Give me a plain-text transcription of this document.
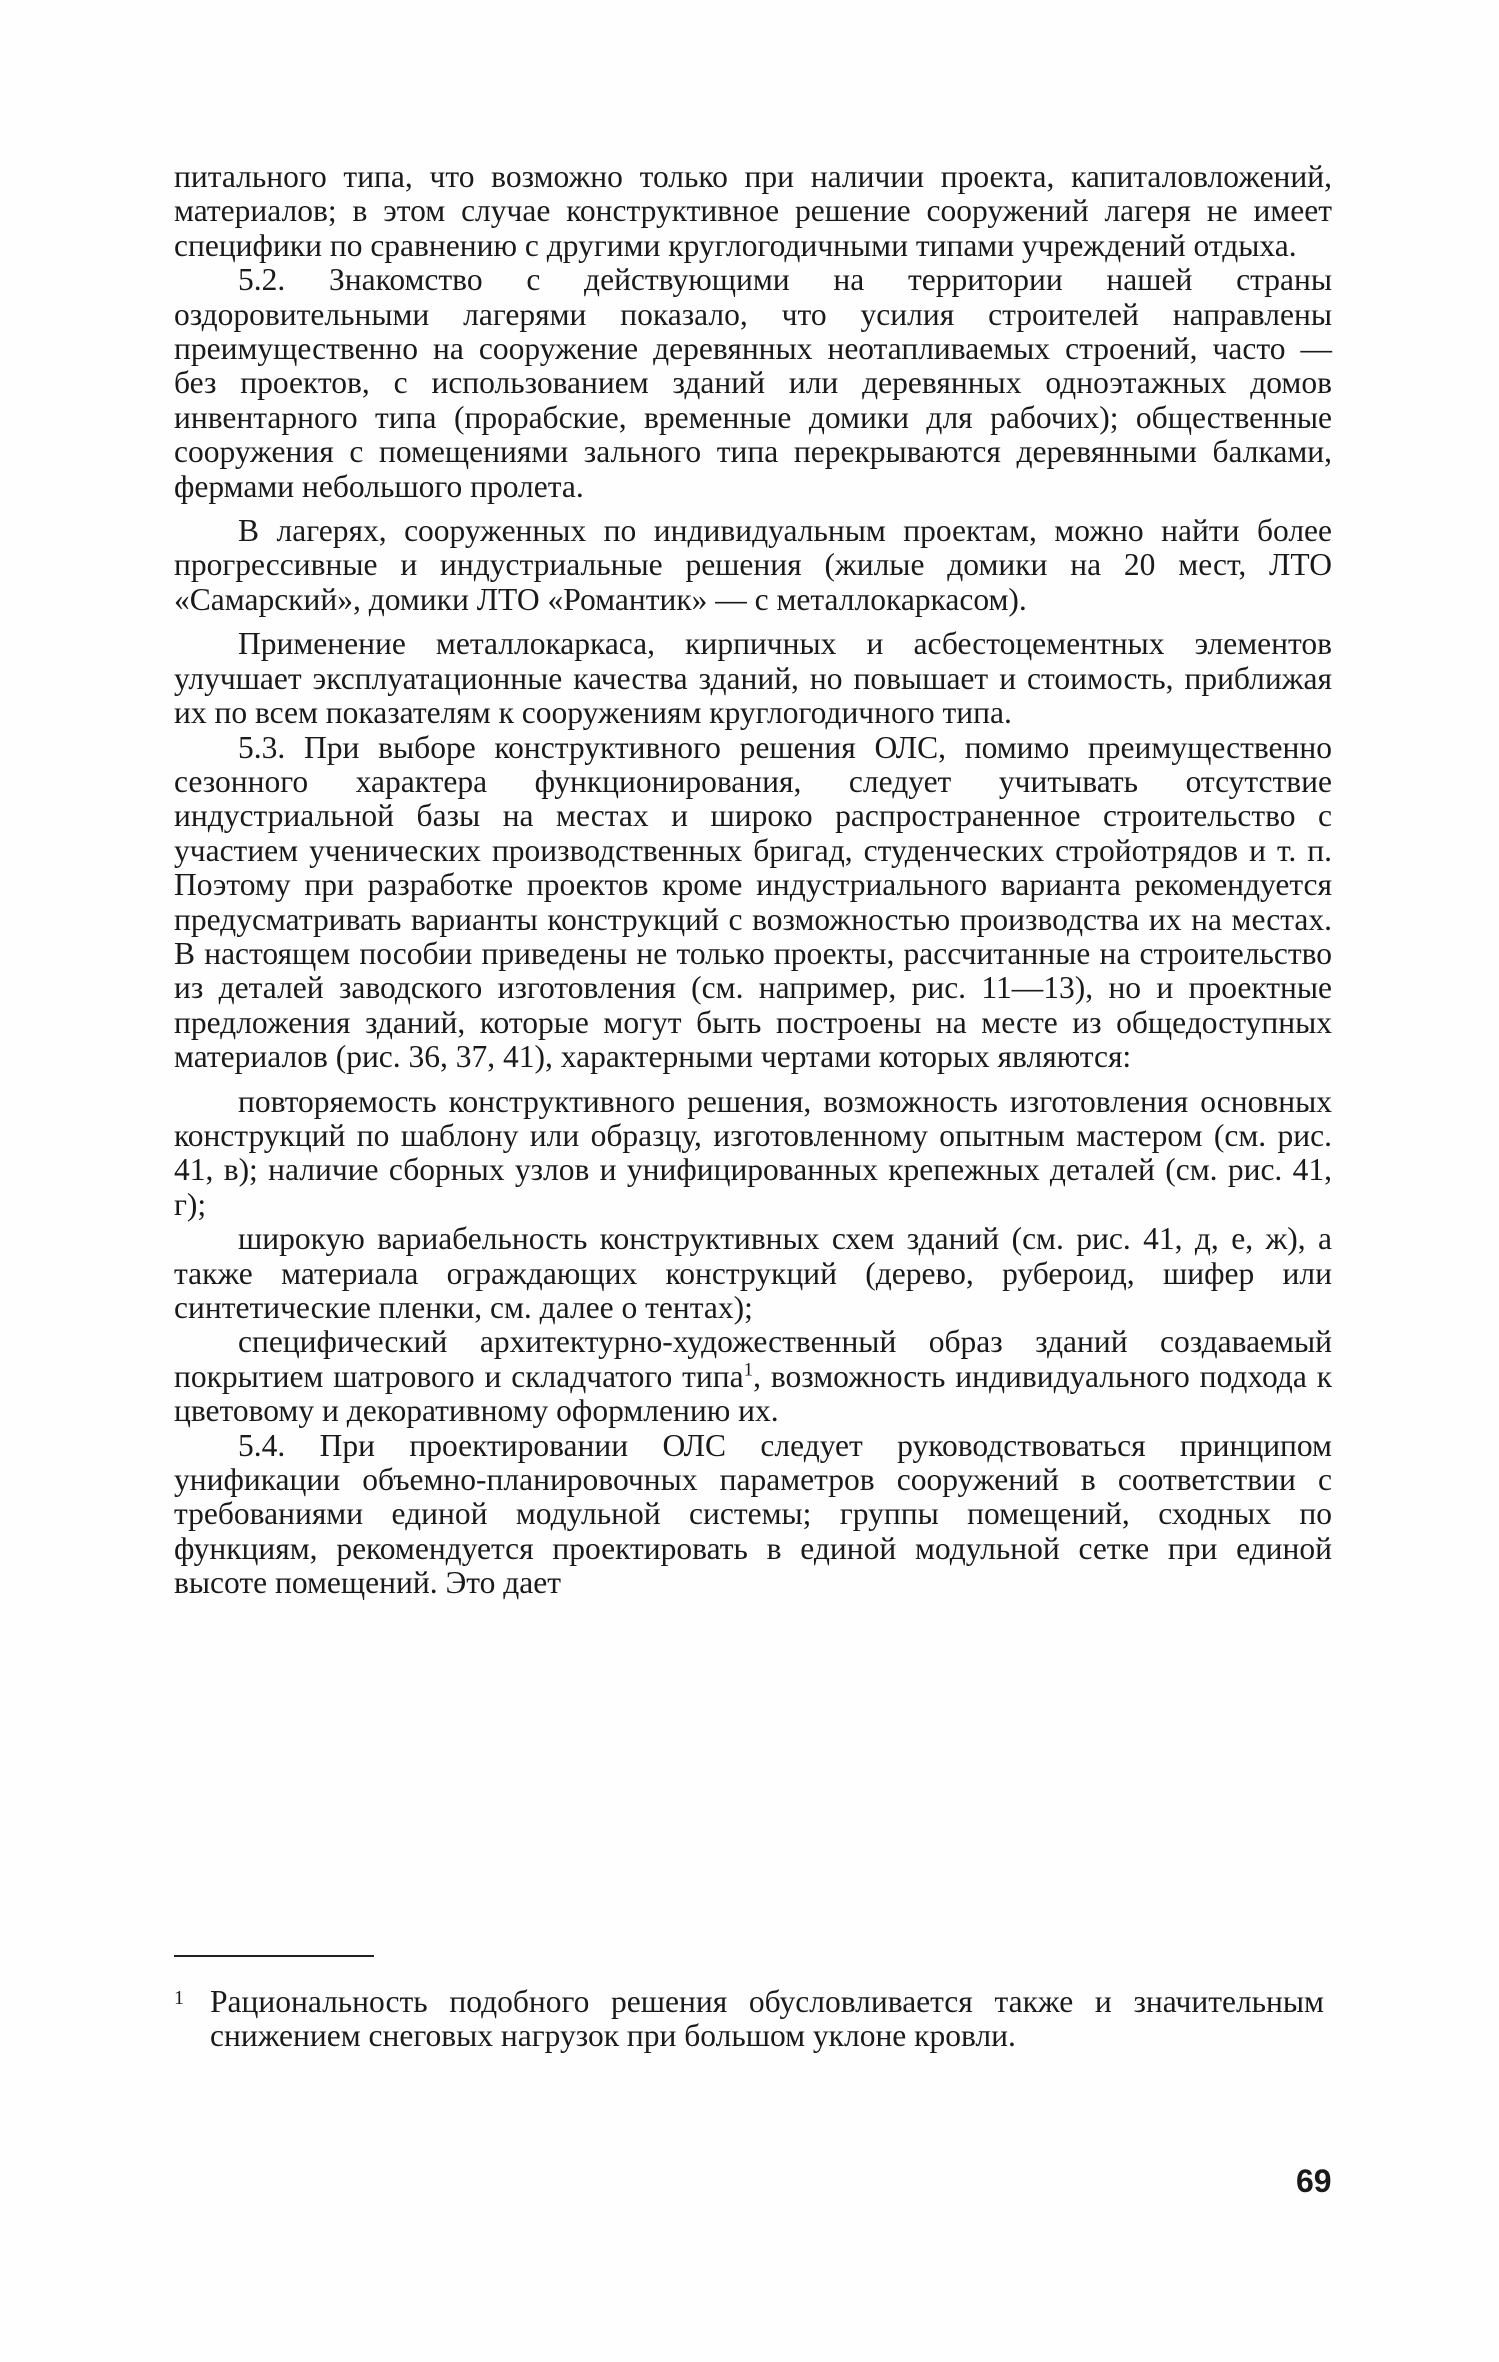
питального типа, что возможно только при наличии проекта, капиталовложений, материалов; в этом случае конструктивное решение сооружений лагеря не имеет специфики по сравнению с другими круглогодичными типами учреждений отдыха.

5.2. Знакомство с действующими на территории нашей страны оздоровительными лагерями показало, что усилия строителей направлены преимущественно на сооружение деревянных неотапливаемых строений, часто — без проектов, с использованием зданий или деревянных одноэтажных домов инвентарного типа (прорабские, временные домики для рабочих); общественные сооружения с помещениями зального типа перекрываются деревянными балками, фермами небольшого пролета.

В лагерях, сооруженных по индивидуальным проектам, можно найти более прогрессивные и индустриальные решения (жилые домики на 20 мест, ЛТО «Самарский», домики ЛТО «Романтик» — с металлокаркасом).

Применение металлокаркаса, кирпичных и асбестоцементных элементов улучшает эксплуатационные качества зданий, но повышает и стоимость, приближая их по всем показателям к сооружениям круглогодичного типа.

5.3. При выборе конструктивного решения ОЛС, помимо преимущественно сезонного характера функционирования, следует учитывать отсутствие индустриальной базы на местах и широко распространенное строительство с участием ученических производственных бригад, студенческих стройотрядов и т. п. Поэтому при разработке проектов кроме индустриального варианта рекомендуется предусматривать варианты конструкций с возможностью производства их на местах. В настоящем пособии приведены не только проекты, рассчитанные на строительство из деталей заводского изготовления (см. например, рис. 11—13), но и проектные предложения зданий, которые могут быть построены на месте из общедоступных материалов (рис. 36, 37, 41), характерными чертами которых являются:

повторяемость конструктивного решения, возможность изготовления основных конструкций по шаблону или образцу, изготовленному опытным мастером (см. рис. 41, в); наличие сборных узлов и унифицированных крепежных деталей (см. рис. 41, г);

широкую вариабельность конструктивных схем зданий (см. рис. 41, д, е, ж), а также материала ограждающих конструкций (дерево, рубероид, шифер или синтетические пленки, см. далее о тентах);

специфический архитектурно-художественный образ зданий создаваемый покрытием шатрового и складчатого типа$^1$, возможность индивидуального подхода к цветовому и декоративному оформлению их.

5.4. При проектировании ОЛС следует руководствоваться принципом унификации объемно-планировочных параметров сооружений в соответствии с требованиями единой модульной системы; группы помещений, сходных по функциям, рекомендуется проектировать в единой модульной сетке при единой высоте помещений. Это дает

1 Рациональность подобного решения обусловливается также и значительным снижением снеговых нагрузок при большом уклоне кровли.
69
